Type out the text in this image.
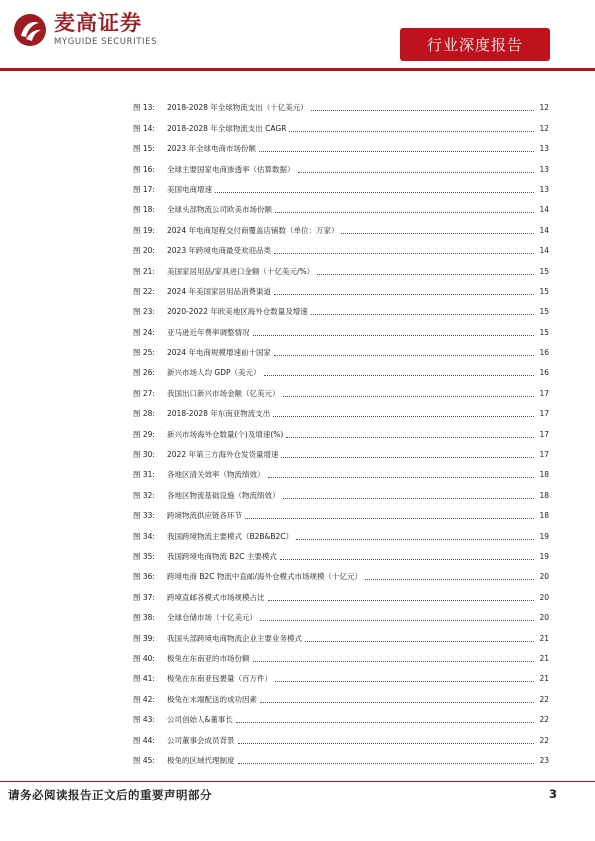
麦高证券
MYGUIDE SECURITIES	行业深度报告
图 13:	2018-2028 年全球物流支出（十亿美元）	12
图 14:	2018-2028 年全球物流支出 CAGR	12
图 15:	2023 年全球电商市场份额	13
图 16:	全球主要国家电商渗透率（估算数据）	13
图 17:	美国电商增速	13
图 18:	全球头部物流公司欧美市场份额	14
图 19:	2024 年电商尾程交付商覆盖店铺数（单位：万家）	14
图 20:	2023 年跨境电商最受欢迎品类	14
图 21:	美国家居用品/家具进口金额（十亿美元/%）	15
图 22:	2024 年美国家居用品消费渠道	15
图 23:	2020-2022 年欧美地区海外仓数量及增速	15
图 24:	亚马逊近年费率调整情况	15
图 25:	2024 年电商规模增速前十国家	16
图 26:	新兴市场人均 GDP（美元）	16
图 27:	我国出口新兴市场金额（亿美元）	17
图 28:	2018-2028 年东南亚物流支出	17
图 29:	新兴市场海外仓数量(个)及增速(%)	17
图 30:	2022 年第三方海外仓发货量增速	17
图 31:	各地区清关效率（物流绩效）	18
图 32:	各地区物流基础设施（物流绩效）	18
图 33:	跨境物流供应链各环节	18
图 34:	我国跨境物流主要模式（B2B&B2C）	19
图 35:	我国跨境电商物流 B2C 主要模式	19
图 36:	跨境电商 B2C 物流中直邮/海外仓模式市场规模（十亿元）	20
图 37:	跨境直邮各模式市场规模占比	20
图 38:	全球仓储市场（十亿美元）	20
图 39:	我国头部跨境电商物流企业主要业务模式	21
图 40:	极兔在东南亚的市场份额	21
图 41:	极兔在东南亚包裹量（百万件）	21
图 42:	极兔在末端配送的成功因素	22
图 43:	公司创始人&董事长	22
图 44:	公司董事会成员背景	22
图 45:	极兔的区域代理制度	23
请务必阅读报告正文后的重要声明部分	3
